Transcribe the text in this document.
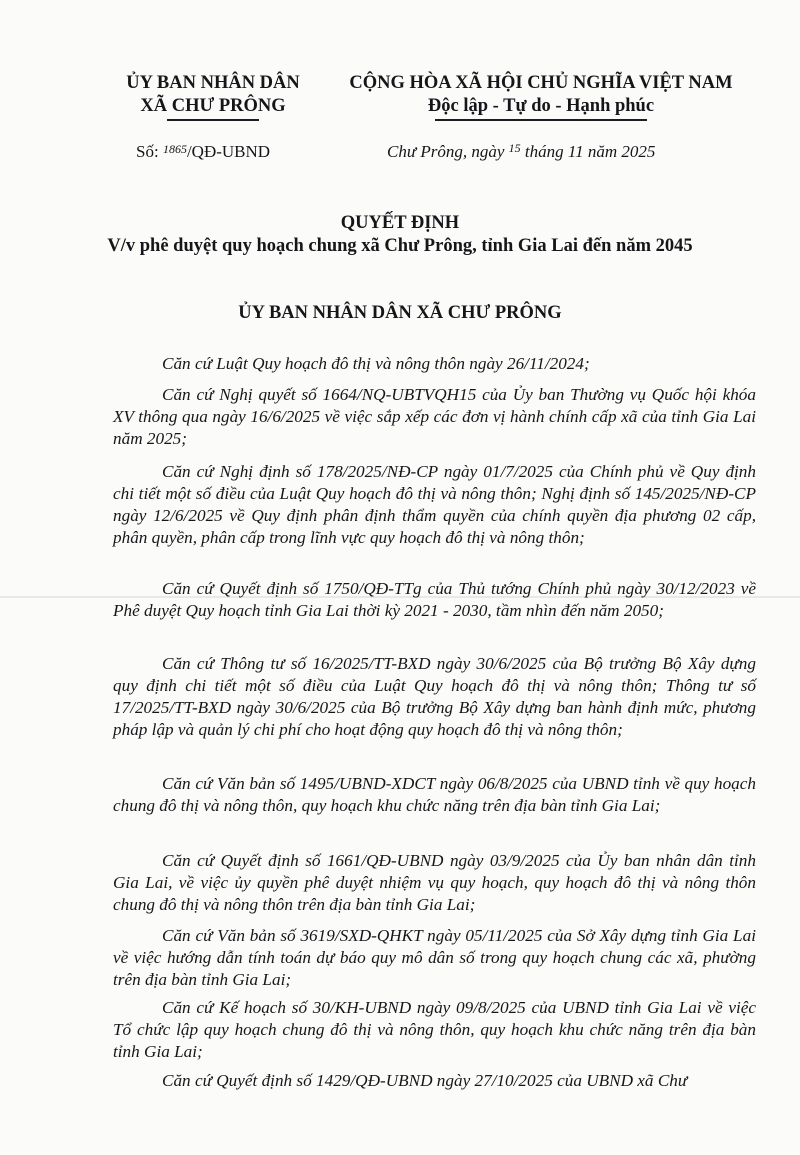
ỦY BAN NHÂN DÂN
XÃ CHƯ PRÔNG
CỘNG HÒA XÃ HỘI CHỦ NGHĨA VIỆT NAM
Độc lập - Tự do - Hạnh phúc
Số: $^{1865}$/QĐ-UBND	Chư Prông, ngày $^{15}$ tháng 11 năm 2025
QUYẾT ĐỊNH
V/v phê duyệt quy hoạch chung xã Chư Prông, tỉnh Gia Lai đến năm 2045
ỦY BAN NHÂN DÂN XÃ CHƯ PRÔNG
Căn cứ Luật Quy hoạch đô thị và nông thôn ngày 26/11/2024;
Căn cứ Nghị quyết số 1664/NQ-UBTVQH15 của Ủy ban Thường vụ Quốc hội khóa XV thông qua ngày 16/6/2025 về việc sắp xếp các đơn vị hành chính cấp xã của tỉnh Gia Lai năm 2025;
Căn cứ Nghị định số 178/2025/NĐ-CP ngày 01/7/2025 của Chính phủ về Quy định chi tiết một số điều của Luật Quy hoạch đô thị và nông thôn; Nghị định số 145/2025/NĐ-CP ngày 12/6/2025 về Quy định phân định thẩm quyền của chính quyền địa phương 02 cấp, phân quyền, phân cấp trong lĩnh vực quy hoạch đô thị và nông thôn;
Căn cứ Quyết định số 1750/QĐ-TTg của Thủ tướng Chính phủ ngày 30/12/2023 về Phê duyệt Quy hoạch tỉnh Gia Lai thời kỳ 2021 - 2030, tầm nhìn đến năm 2050;
Căn cứ Thông tư số 16/2025/TT-BXD ngày 30/6/2025 của Bộ trưởng Bộ Xây dựng quy định chi tiết một số điều của Luật Quy hoạch đô thị và nông thôn; Thông tư số 17/2025/TT-BXD ngày 30/6/2025 của Bộ trưởng Bộ Xây dựng ban hành định mức, phương pháp lập và quản lý chi phí cho hoạt động quy hoạch đô thị và nông thôn;
Căn cứ Văn bản số 1495/UBND-XDCT ngày 06/8/2025 của UBND tỉnh về quy hoạch chung đô thị và nông thôn, quy hoạch khu chức năng trên địa bàn tỉnh Gia Lai;
Căn cứ Quyết định số 1661/QĐ-UBND ngày 03/9/2025 của Ủy ban nhân dân tỉnh Gia Lai, về việc ủy quyền phê duyệt nhiệm vụ quy hoạch, quy hoạch đô thị và nông thôn chung đô thị và nông thôn trên địa bàn tỉnh Gia Lai;
Căn cứ Văn bản số 3619/SXD-QHKT ngày 05/11/2025 của Sở Xây dựng tỉnh Gia Lai về việc hướng dẫn tính toán dự báo quy mô dân số trong quy hoạch chung các xã, phường trên địa bàn tỉnh Gia Lai;
Căn cứ Kế hoạch số 30/KH-UBND ngày 09/8/2025 của UBND tỉnh Gia Lai về việc Tổ chức lập quy hoạch chung đô thị và nông thôn, quy hoạch khu chức năng trên địa bàn tỉnh Gia Lai;
Căn cứ Quyết định số 1429/QĐ-UBND ngày 27/10/2025 của UBND xã Chư
